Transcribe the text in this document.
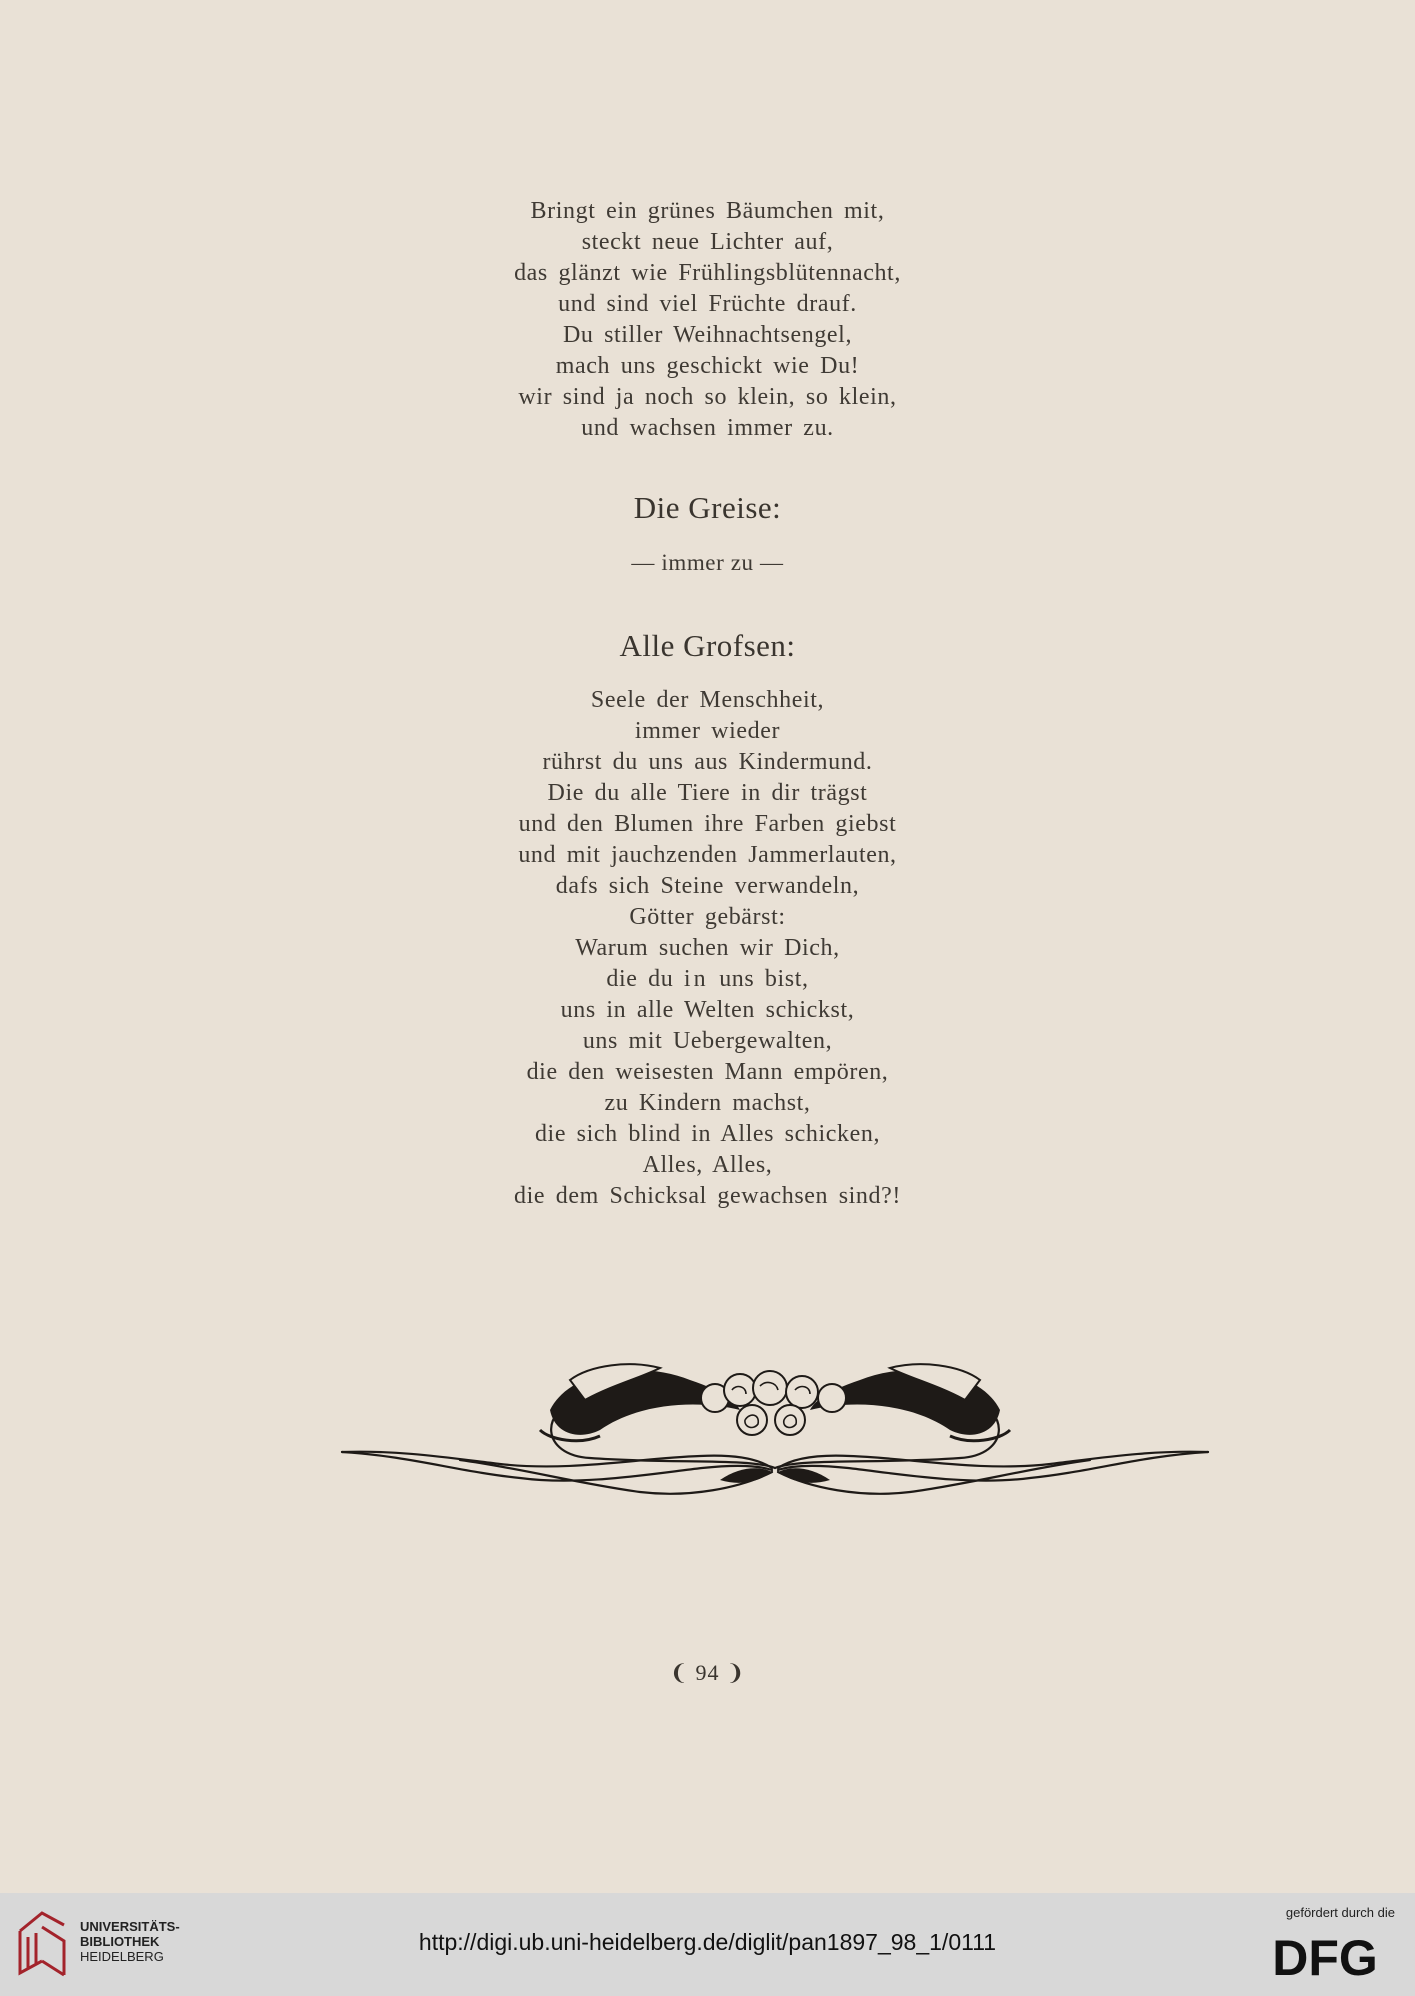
Bringt ein grünes Bäumchen mit,
steckt neue Lichter auf,
das glänzt wie Frühlingsblütennacht,
und sind viel Früchte drauf.
Du stiller Weihnachtsengel,
mach uns geschickt wie Du!
wir sind ja noch so klein, so klein,
und wachsen immer zu.
Die Greise:
— immer zu —
Alle Grofsen:
Seele der Menschheit,
immer wieder
rührst du uns aus Kindermund.
Die du alle Tiere in dir trägst
und den Blumen ihre Farben giebst
und mit jauchzenden Jammerlauten,
dafs sich Steine verwandeln,
Götter gebärst:
Warum suchen wir Dich,
die du in uns bist,
uns in alle Welten schickst,
uns mit Uebergewalten,
die den weisesten Mann empören,
zu Kindern machst,
die sich blind in Alles schicken,
Alles, Alles,
die dem Schicksal gewachsen sind?!
❨ 94 ❩
UNIVERSITÄTS-
BIBLIOTHEK
HEIDELBERG
http://digi.ub.uni-heidelberg.de/diglit/pan1897_98_1/0111
gefördert durch die
DFG
